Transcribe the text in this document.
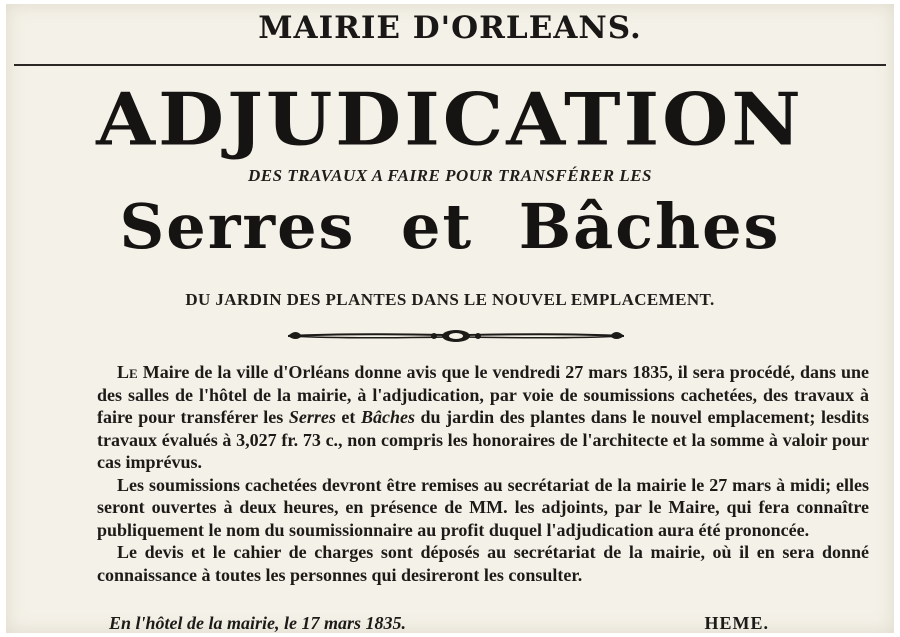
MAIRIE D'ORLEANS.
ADJUDICATION
DES TRAVAUX A FAIRE POUR TRANSFÉRER LES
Serres et Bâches
DU JARDIN DES PLANTES DANS LE NOUVEL EMPLACEMENT.

Le Maire de la ville d'Orléans donne avis que le vendredi 27 mars 1835, il sera procédé, dans une des salles de l'hôtel de la mairie, à l'adjudication, par voie de soumissions cachetées, des travaux à faire pour transférer les Serres et Bâches du jardin des plantes dans le nouvel emplacement; lesdits travaux évalués à 3,027 fr. 73 c., non compris les honoraires de l'architecte et la somme à valoir pour cas imprévus.

Les soumissions cachetées devront être remises au secrétariat de la mairie le 27 mars à midi; elles seront ouvertes à deux heures, en présence de MM. les adjoints, par le Maire, qui fera connaître publiquement le nom du soumissionnaire au profit duquel l'adjudication aura été prononcée.

Le devis et le cahier de charges sont déposés au secrétariat de la mairie, où il en sera donné connaissance à toutes les personnes qui desireront les consulter.

En l'hôtel de la mairie, le 17 mars 1835.	HEME.
